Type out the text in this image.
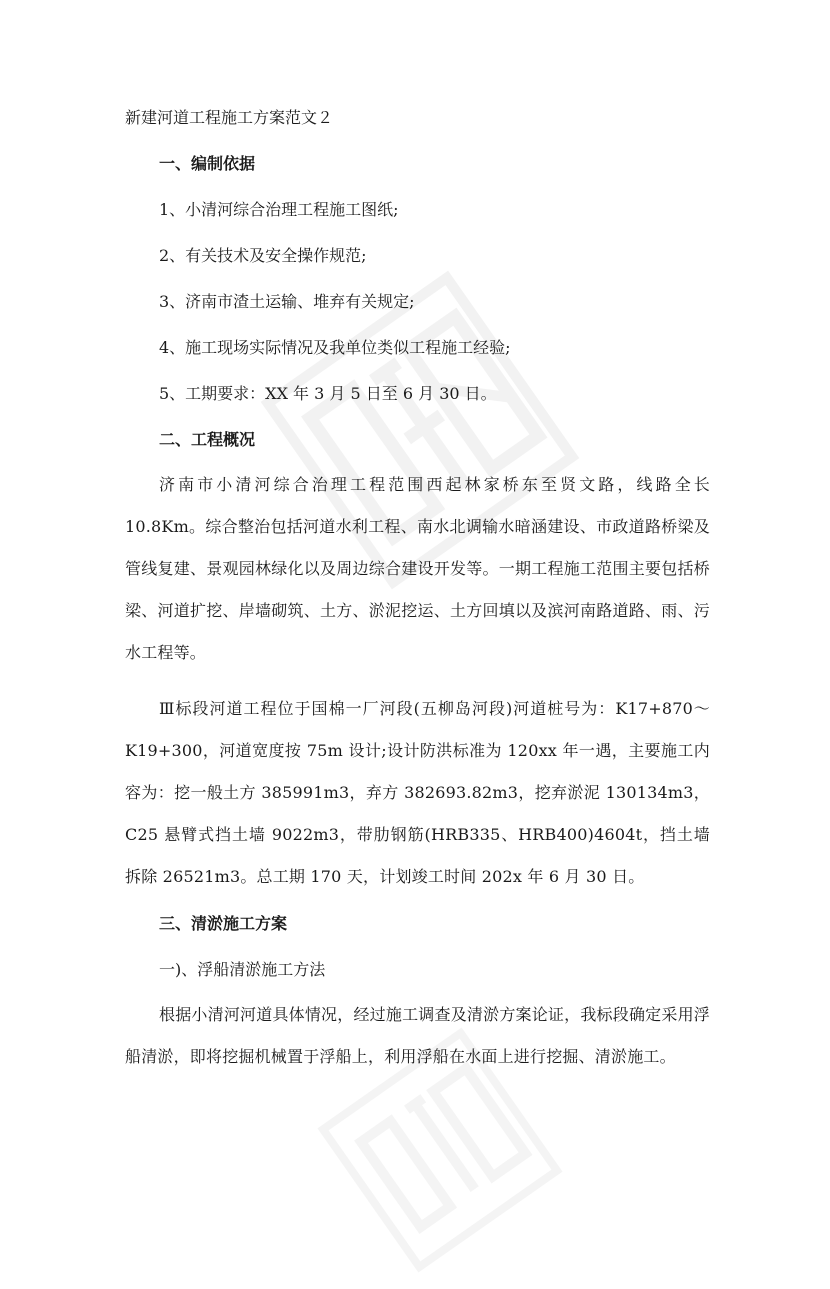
新建河道工程施工方案范文２
一、编制依据
1、小清河综合治理工程施工图纸;
2、有关技术及安全操作规范;
3、济南市渣土运输、堆弃有关规定;
4、施工现场实际情况及我单位类似工程施工经验;
5、工期要求：XX 年 3 月 5 日至 6 月 30 日。
二、工程概况
济南市小清河综合治理工程范围西起林家桥东至贤文路，线路全长 10.8Km。综合整治包括河道水利工程、南水北调输水暗涵建设、市政道路桥梁及管线复建、景观园林绿化以及周边综合建设开发等。一期工程施工范围主要包括桥梁、河道扩挖、岸墙砌筑、土方、淤泥挖运、土方回填以及滨河南路道路、雨、污水工程等。
Ⅲ标段河道工程位于国棉一厂河段(五柳岛河段)河道桩号为：K17+870～K19+300，河道宽度按 75m 设计;设计防洪标准为 120xx 年一遇，主要施工内容为：挖一般土方 385991m3，弃方 382693.82m3，挖弃淤泥 130134m3，C25 悬臂式挡土墙 9022m3，带肋钢筋(HRB335、HRB400)4604t，挡土墙拆除 26521m3。总工期 170 天，计划竣工时间 202x 年 6 月 30 日。
三、清淤施工方案
一)、浮船清淤施工方法
根据小清河河道具体情况，经过施工调查及清淤方案论证，我标段确定采用浮船清淤，即将挖掘机械置于浮船上，利用浮船在水面上进行挖掘、清淤施工。
